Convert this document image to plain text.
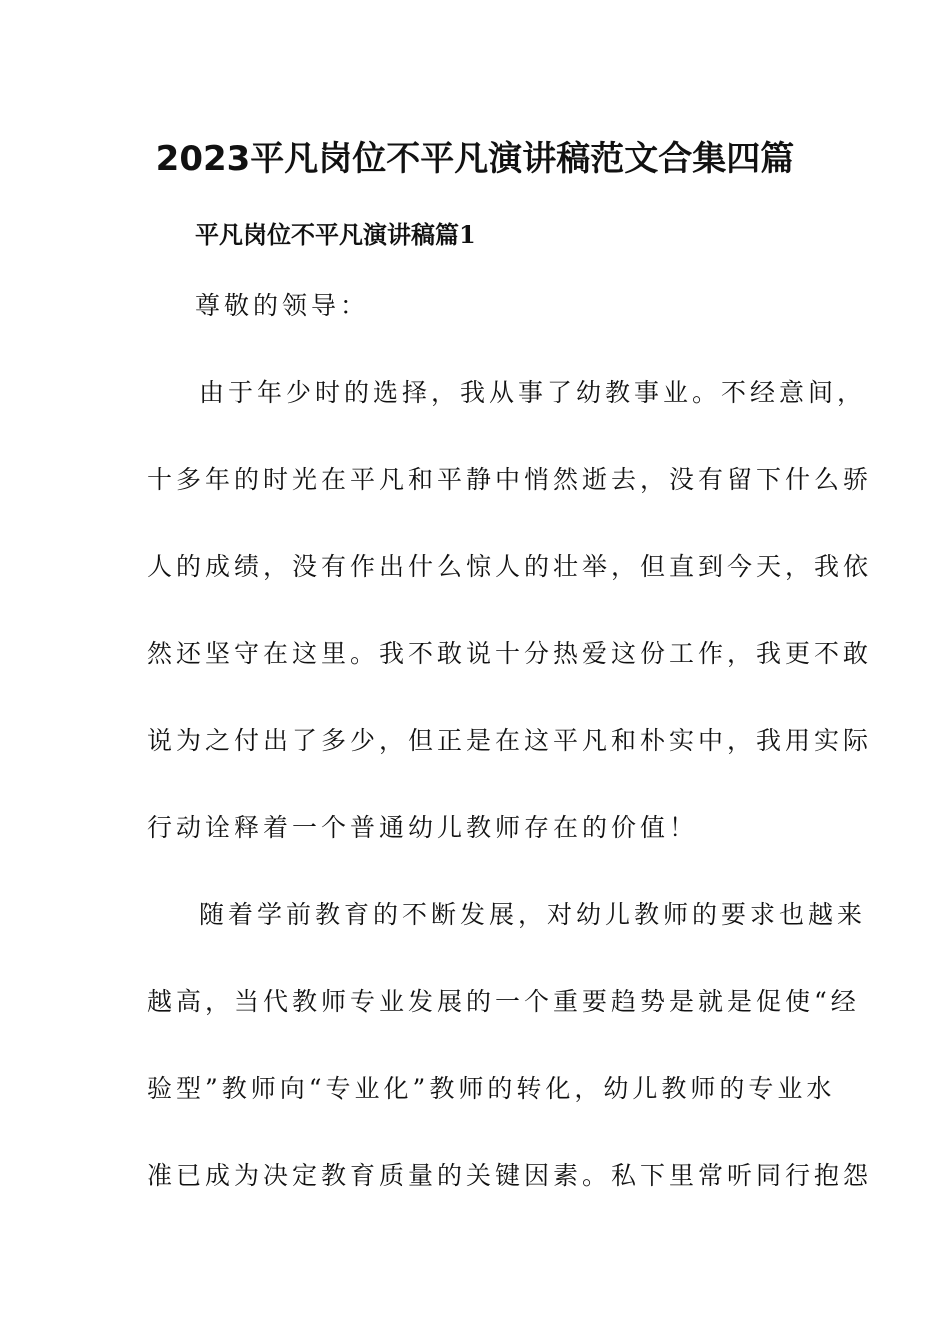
2023平凡岗位不平凡演讲稿范文合集四篇
平凡岗位不平凡演讲稿篇1

尊敬的领导：

由于年少时的选择，我从事了幼教事业。不经意间，
十多年的时光在平凡和平静中悄然逝去，没有留下什么骄
人的成绩，没有作出什么惊人的壮举，但直到今天，我依
然还坚守在这里。我不敢说十分热爱这份工作，我更不敢
说为之付出了多少，但正是在这平凡和朴实中，我用实际
行动诠释着一个普通幼儿教师存在的价值！
随着学前教育的不断发展，对幼儿教师的要求也越来
越高，当代教师专业发展的一个重要趋势是就是促使“经
验型”教师向“专业化”教师的转化，幼儿教师的专业水
准已成为决定教育质量的关键因素。私下里常听同行抱怨
